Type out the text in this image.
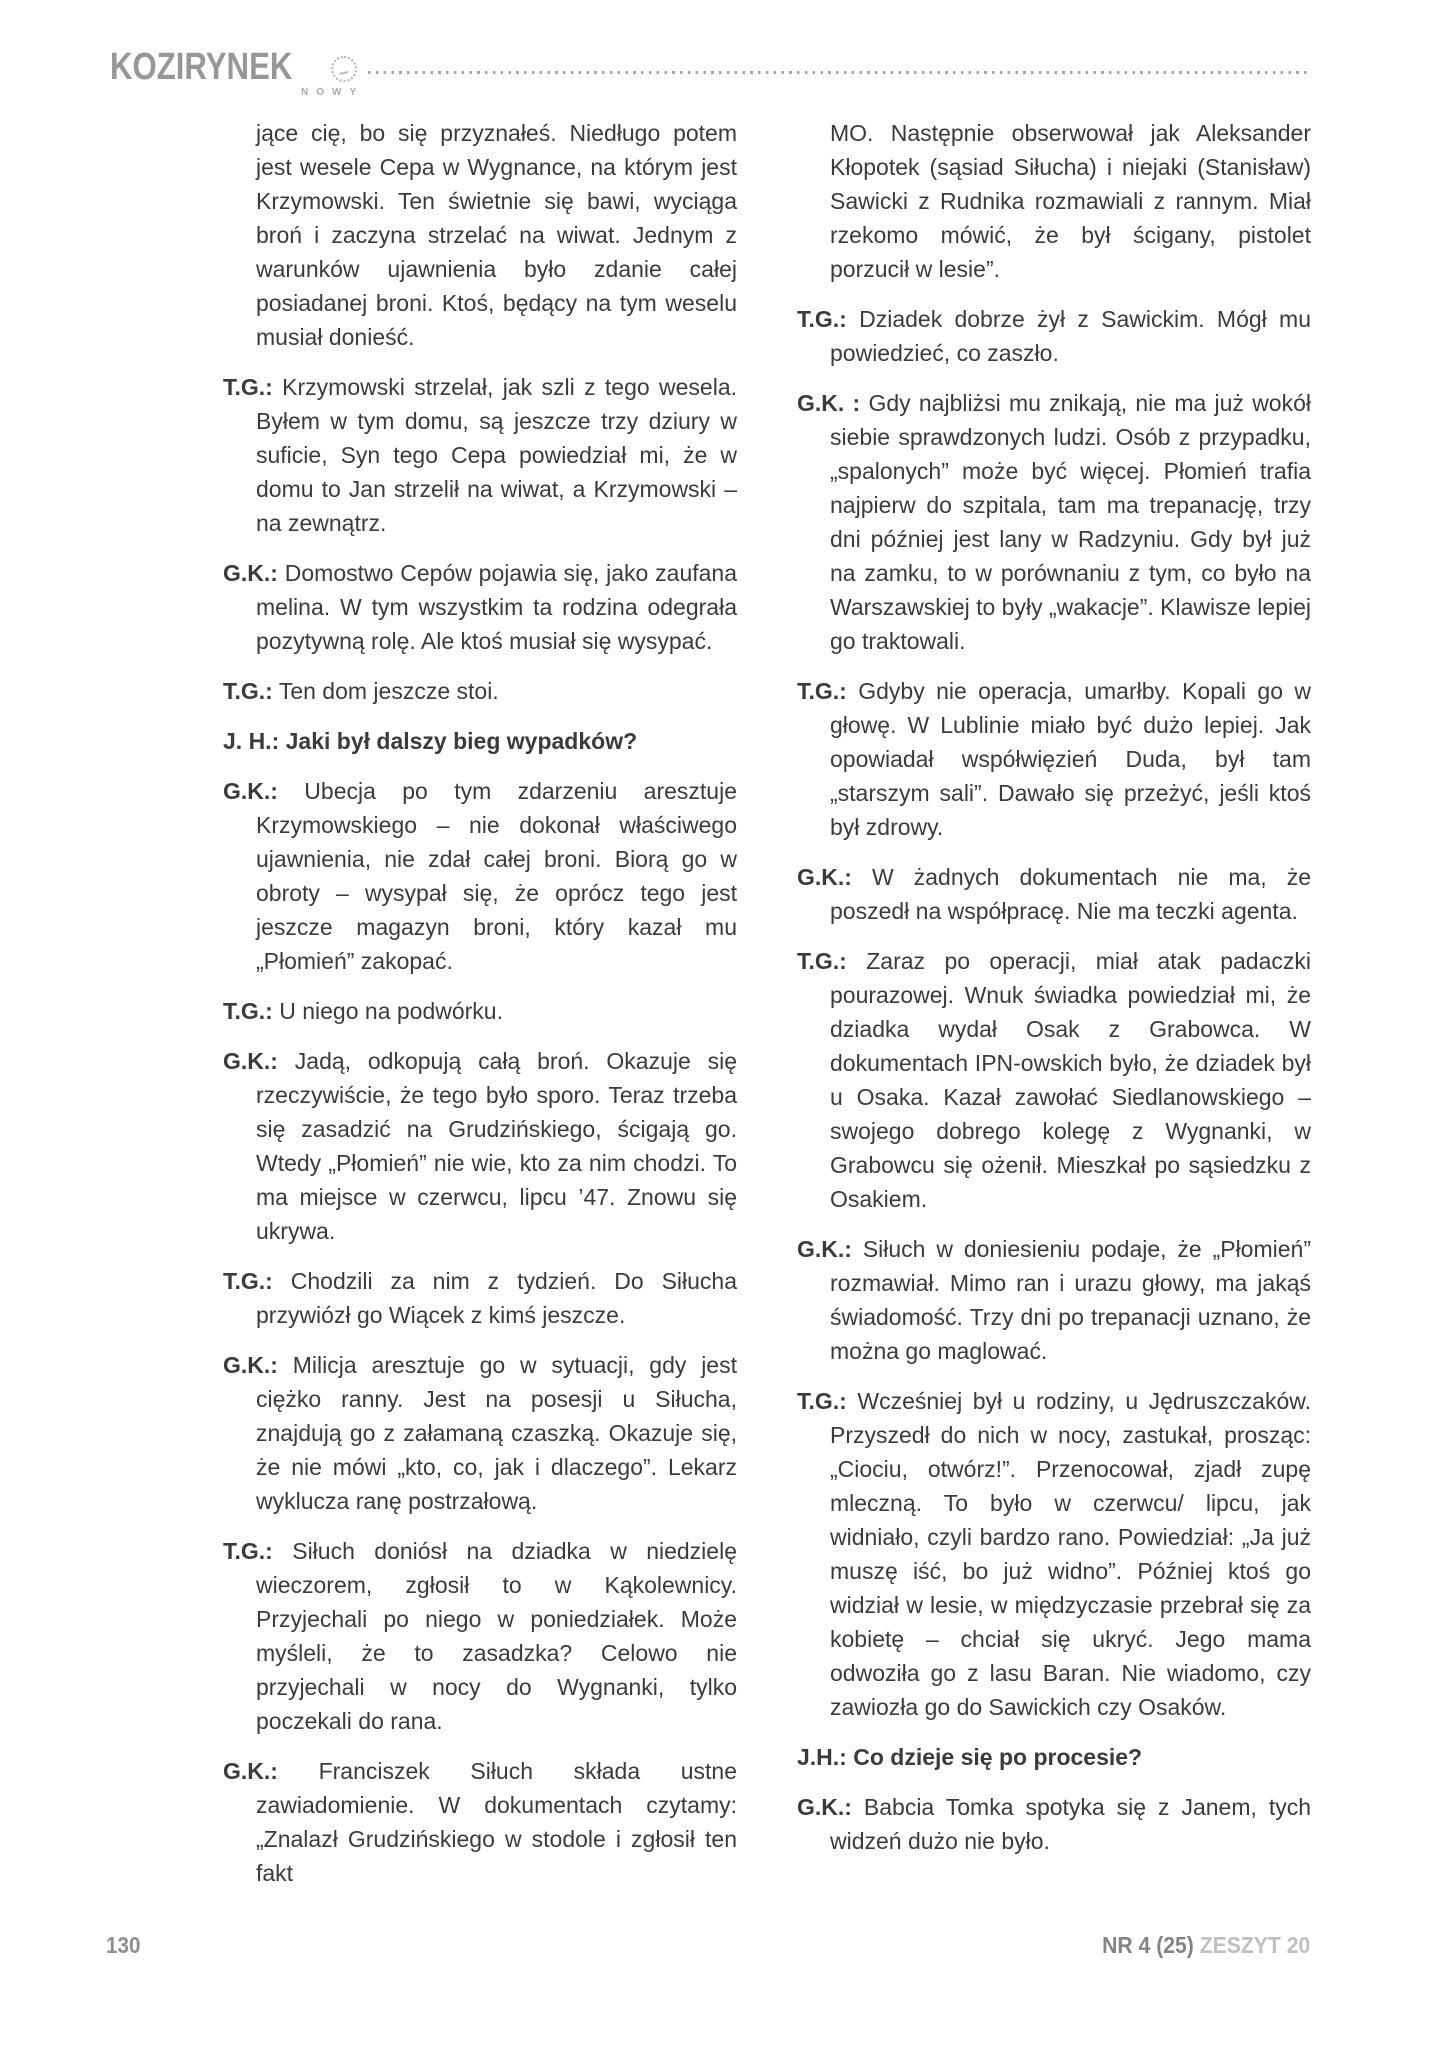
KOZIRYNEK
NOWY

jące cię, bo się przyznałeś. Niedługo potem jest wesele Cepa w Wygnance, na którym jest Krzymowski. Ten świetnie się bawi, wyciąga broń i zaczyna strzelać na wiwat. Jednym z warunków ujawnienia było zdanie całej posiadanej broni. Ktoś, będący na tym weselu musiał donieść.

T.G.: Krzymowski strzelał, jak szli z tego wesela. Byłem w tym domu, są jeszcze trzy dziury w suficie, Syn tego Cepa powiedział mi, że w domu to Jan strzelił na wiwat, a Krzymowski – na zewnątrz.

G.K.: Domostwo Cepów pojawia się, jako zaufana melina. W tym wszystkim ta rodzina odegrała pozytywną rolę. Ale ktoś musiał się wysypać.

T.G.: Ten dom jeszcze stoi.

J. H.: Jaki był dalszy bieg wypadków?

G.K.: Ubecja po tym zdarzeniu aresztuje Krzymowskiego – nie dokonał właściwego ujawnienia, nie zdał całej broni. Biorą go w obroty – wysypał się, że oprócz tego jest jeszcze magazyn broni, który kazał mu „Płomień” zakopać.

T.G.: U niego na podwórku.

G.K.: Jadą, odkopują całą broń. Okazuje się rzeczywiście, że tego było sporo. Teraz trzeba się zasadzić na Grudzińskiego, ścigają go. Wtedy „Płomień” nie wie, kto za nim chodzi. To ma miejsce w czerwcu, lipcu ’47. Znowu się ukrywa.

T.G.: Chodzili za nim z tydzień. Do Siłucha przywiózł go Wiącek z kimś jeszcze.

G.K.: Milicja aresztuje go w sytuacji, gdy jest ciężko ranny. Jest na posesji u Siłucha, znajdują go z załamaną czaszką. Okazuje się, że nie mówi „kto, co, jak i dlaczego”. Lekarz wyklucza ranę postrzałową.

T.G.: Siłuch doniósł na dziadka w niedzielę wieczorem, zgłosił to w Kąkolewnicy. Przyjechali po niego w poniedziałek. Może myśleli, że to zasadzka? Celowo nie przyjechali w nocy do Wygnanki, tylko poczekali do rana.

G.K.: Franciszek Siłuch składa ustne zawiadomienie. W dokumentach czytamy: „Znalazł Grudzińskiego w stodole i zgłosił ten fakt

MO. Następnie obserwował jak Aleksander Kłopotek (sąsiad Siłucha) i niejaki (Stanisław) Sawicki z Rudnika rozmawiali z rannym. Miał rzekomo mówić, że był ścigany, pistolet porzucił w lesie”.

T.G.: Dziadek dobrze żył z Sawickim. Mógł mu powiedzieć, co zaszło.

G.K. : Gdy najbliżsi mu znikają, nie ma już wokół siebie sprawdzonych ludzi. Osób z przypadku, „spalonych” może być więcej. Płomień trafia najpierw do szpitala, tam ma trepanację, trzy dni później jest lany w Radzyniu. Gdy był już na zamku, to w porównaniu z tym, co było na Warszawskiej to były „wakacje”. Klawisze lepiej go traktowali.

T.G.: Gdyby nie operacja, umarłby. Kopali go w głowę. W Lublinie miało być dużo lepiej. Jak opowiadał współwięzień Duda, był tam „starszym sali”. Dawało się przeżyć, jeśli ktoś był zdrowy.

G.K.: W żadnych dokumentach nie ma, że poszedł na współpracę. Nie ma teczki agenta.

T.G.: Zaraz po operacji, miał atak padaczki pourazowej. Wnuk świadka powiedział mi, że dziadka wydał Osak z Grabowca. W dokumentach IPN-owskich było, że dziadek był u Osaka. Kazał zawołać Siedlanowskiego – swojego dobrego kolegę z Wygnanki, w Grabowcu się ożenił. Mieszkał po sąsiedzku z Osakiem.

G.K.: Siłuch w doniesieniu podaje, że „Płomień” rozmawiał. Mimo ran i urazu głowy, ma jakąś świadomość. Trzy dni po trepanacji uznano, że można go maglować.

T.G.: Wcześniej był u rodziny, u Jędruszczaków. Przyszedł do nich w nocy, zastukał, prosząc: „Ciociu, otwórz!”. Przenocował, zjadł zupę mleczną. To było w czerwcu/ lipcu, jak widniało, czyli bardzo rano. Powiedział: „Ja już muszę iść, bo już widno”. Później ktoś go widział w lesie, w międzyczasie przebrał się za kobietę – chciał się ukryć. Jego mama odwoziła go z lasu Baran. Nie wiadomo, czy zawiozła go do Sawickich czy Osaków.

J.H.: Co dzieje się po procesie?

G.K.: Babcia Tomka spotyka się z Janem, tych widzeń dużo nie było.

130	NR 4 (25) ZESZYT 20
